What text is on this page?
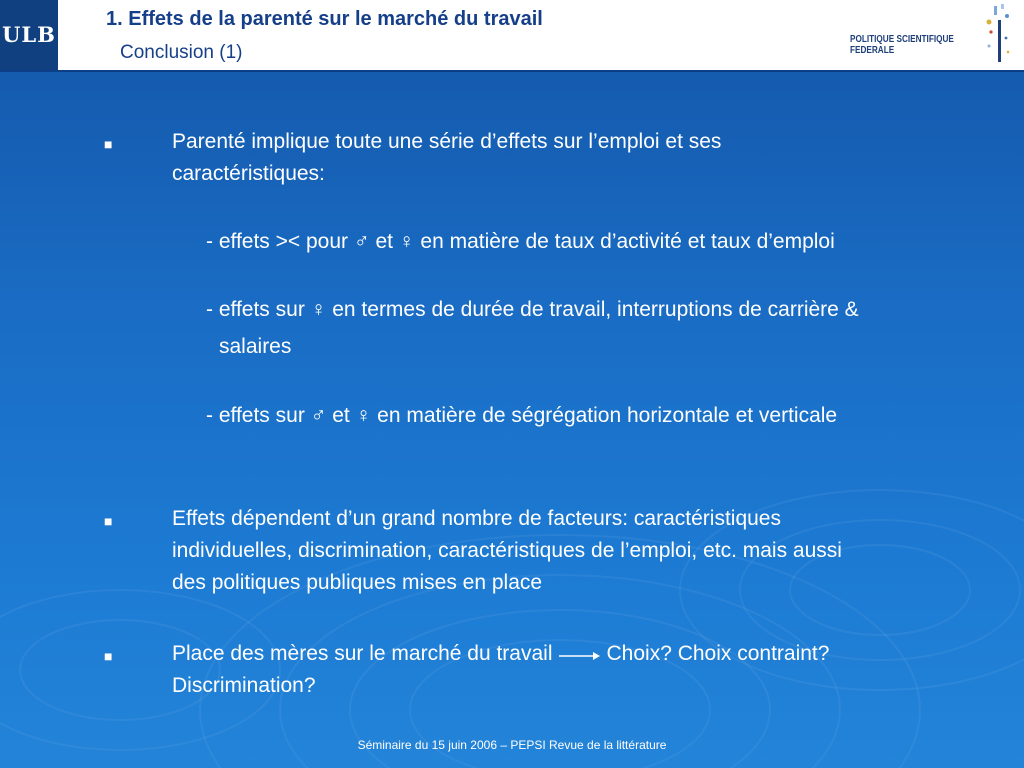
ULB
1. Effets de la parenté sur le marché du travail
Conclusion (1)
POLITIQUE SCIENTIFIQUE FEDERALE
■	Parenté implique toute une série d’effets sur l’emploi et ses
caractéristiques:
- effets >< pour ♂ et ♀ en matière de taux d’activité et taux d’emploi
- effets sur ♀ en termes de durée de travail, interruptions de carrière &
salaires
- effets sur ♂ et ♀ en matière de ségrégation horizontale et verticale
■	Effets dépendent d’un grand nombre de facteurs: caractéristiques
individuelles, discrimination, caractéristiques de l’emploi, etc. mais aussi
des politiques publiques mises en place
■	Place des mères sur le marché du travail	Choix? Choix contraint?
Discrimination?
Séminaire du 15 juin 2006 – PEPSI Revue de la littérature
